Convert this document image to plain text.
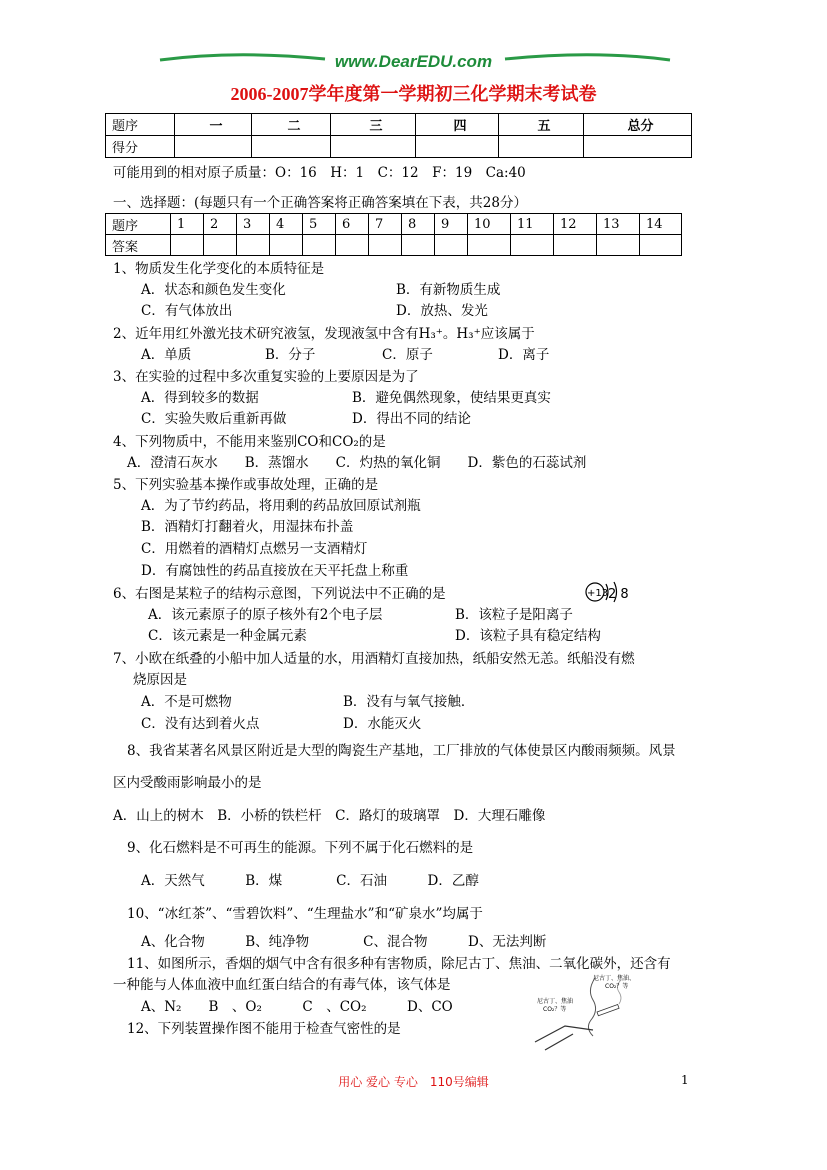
www.DearEDU.com
2006-2007学年度第一学期初三化学期末考试卷
题序	一	二	三	四	五	总分
得分						
可能用到的相对原子质量：O：16　H：1　C：12　F：19　Ca:40
一、选择题：(每题只有一个正确答案将正确答案填在下表，共28分）
题序	1	2	3	4	5	6	7	8	9	10	11	12	13	14
答案														
1、物质发生化学变化的本质特征是
A．状态和颜色发生变化	B．有新物质生成
C．有气体放出	D．放热、发光
2、近年用红外激光技术研究液氢，发现液氢中含有H₃⁺。H₃⁺应该属于
A．单质	B．分子	C．原子	D．离子
3、在实验的过程中多次重复实验的上要原因是为了
A．得到较多的数据	B．避免偶然现象，使结果更真实
C．实验失败后重新再做	D．得出不同的结论
4、下列物质中，不能用来鉴别CO和CO₂的是
A．澄清石灰水　　B．蒸馏水　　C．灼热的氧化铜　　D．紫色的石蕊试剂
5、下列实验基本操作或事故处理，正确的是
A．为了节约药品，将用剩的药品放回原试剂瓶
B．酒精灯打翻着火，用湿抹布扑盖
C．用燃着的酒精灯点燃另一支酒精灯
D．有腐蚀性的药品直接放在天平托盘上称重
6、右图是某粒子的结构示意图，下列说法中不正确的是	+13 2 8
A．该元素原子的原子核外有2个电子层	B．该粒子是阳离子
C．该元素是一种金属元素	D．该粒子具有稳定结构
7、小欧在纸叠的小船中加人适量的水，用酒精灯直接加热，纸船安然无恙。纸船没有燃
烧原因是
A．不是可燃物	B．没有与氧气接触．
C．没有达到着火点	D．水能灭火
8、我省某著名风景区附近是大型的陶瓷生产基地，工厂排放的气体使景区内酸雨频频。风景
区内受酸雨影响最小的是
A．山上的树木　B．小桥的铁栏杆　C．路灯的玻璃罩　D．大理石雕像
9、化石燃料是不可再生的能源。下列不属于化石燃料的是
A．天然气　　　B．煤　　　　C．石油　　　D．乙醇
10、“冰红茶”、“雪碧饮料”、“生理盐水”和“矿泉水”均属于
A、化合物　　　B、纯净物　　　　C、混合物　　　D、无法判断
11、如图所示，香烟的烟气中含有很多种有害物质，除尼古丁、焦油、二氧化碳外，还含有
一种能与人体血液中血红蛋白结合的有毒气体，该气体是
A、N₂　　B　、O₂　　　C　、CO₂　　　D、CO
12、下列装置操作图不能用于检查气密性的是
尼古丁、焦油、
CO₂？等
尼古丁、焦油
CO₂？等
用心 爱心 专心　110号编辑	1
